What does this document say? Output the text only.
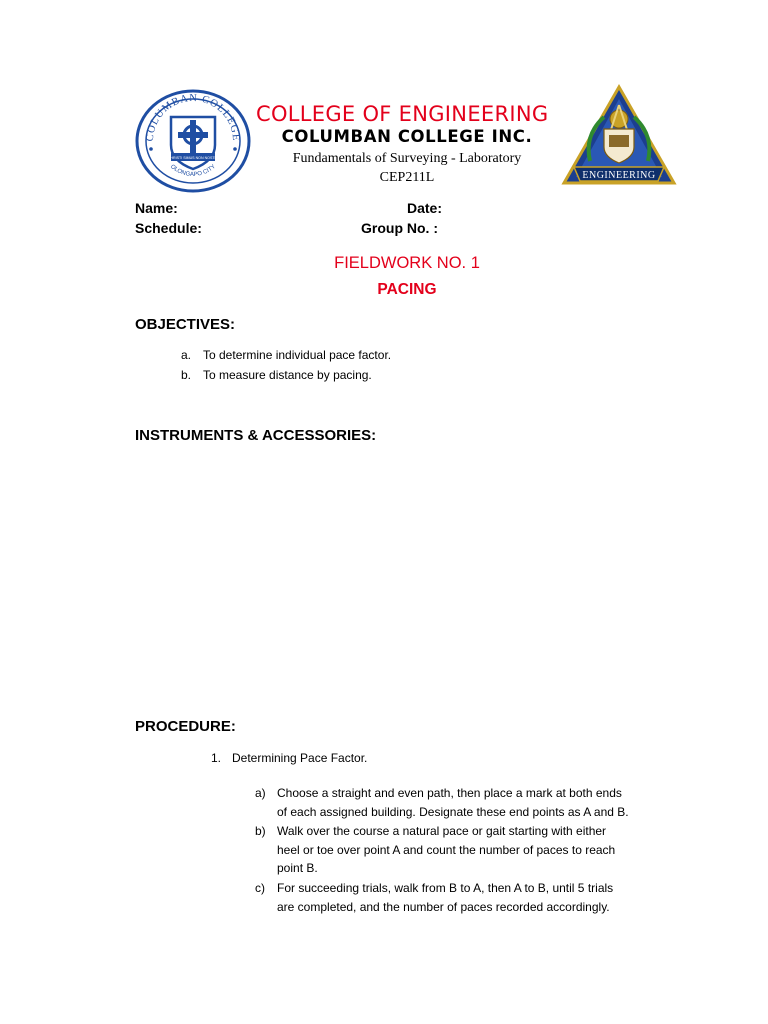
COLUMBAN COLLEGE
OLONGAPO CITY
CHRISTI SIMUS NON NOSTRI
ENGINEERING
COLLEGE OF ENGINEERING
COLUMBAN COLLEGE INC.
Fundamentals of Surveying - Laboratory
CEP211L
Name:	Date:
Schedule:	Group No. :
FIELDWORK NO. 1
PACING
OBJECTIVES:
a. To determine individual pace factor.
b. To measure distance by pacing.
INSTRUMENTS & ACCESSORIES:
PROCEDURE:
1. Determining Pace Factor.
a) Choose a straight and even path, then place a mark at both ends
of each assigned building. Designate these end points as A and B.
b) Walk over the course a natural pace or gait starting with either
heel or toe over point A and count the number of paces to reach
point B.
c) For succeeding trials, walk from B to A, then A to B, until 5 trials
are completed, and the number of paces recorded accordingly.
